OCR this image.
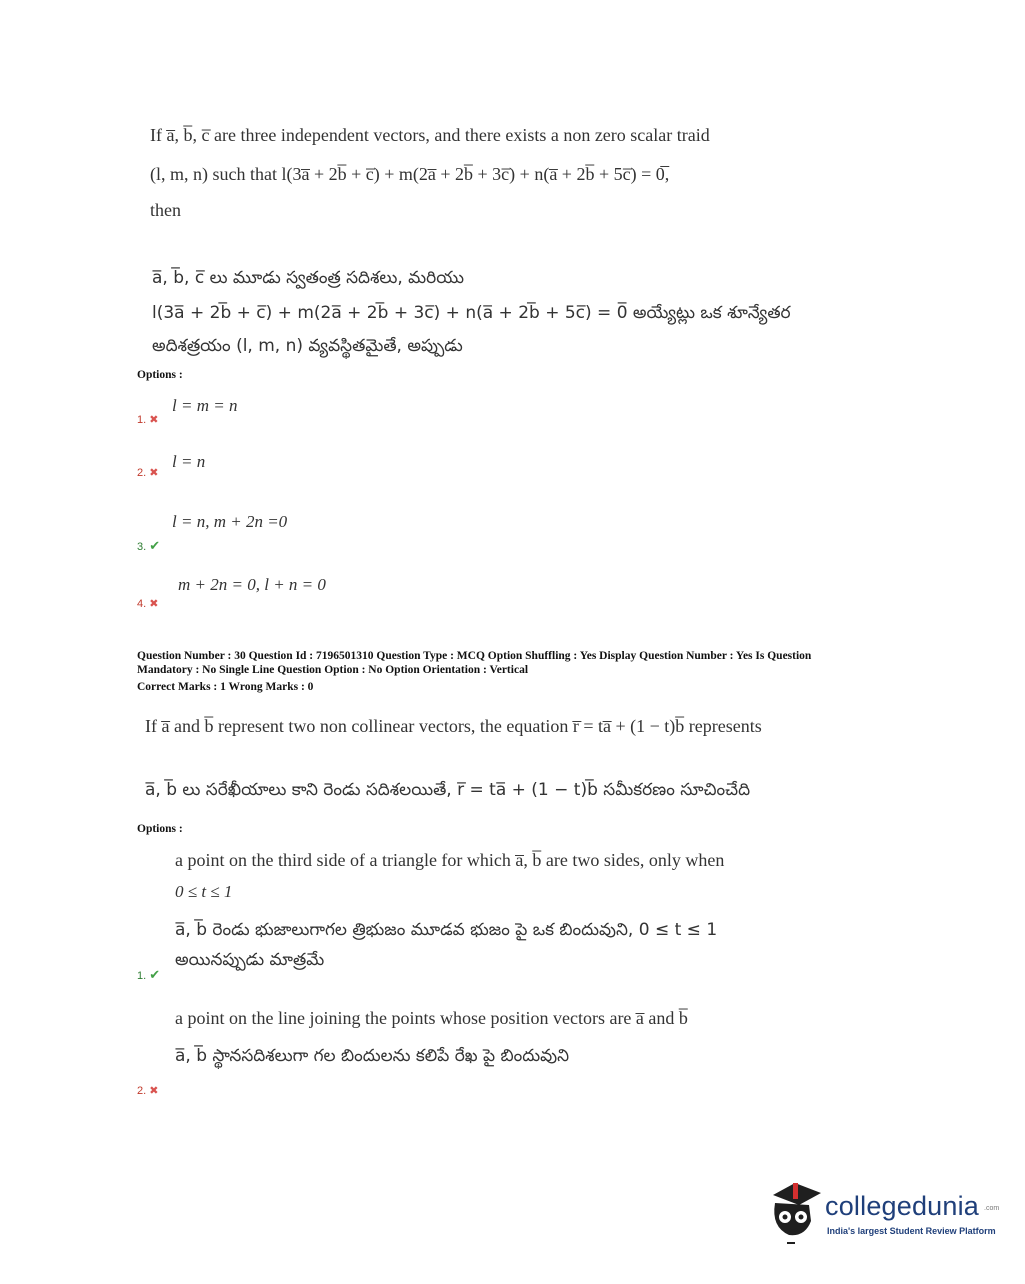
If a̅, b̅, c̅ are three independent vectors, and there exists a non zero scalar traid
(l, m, n) such that l(3a̅ + 2b̅ + c̅) + m(2a̅ + 2b̅ + 3c̅) + n(a̅ + 2b̅ + 5c̅) = 0̅,
then
a̅, b̅, c̅ లు మూడు స్వతంత్ర సదిశలు, మరియు
l(3a̅ + 2b̅ + c̅) + m(2a̅ + 2b̅ + 3c̅) + n(a̅ + 2b̅ + 5c̅) = 0̅ అయ్యేట్లు ఒక శూన్యేతర
అదిశత్రయం (l, m, n) వ్యవస్థితమైతే, అప్పుడు
Options :
l = m = n
1. ✖
l = n
2. ✖
l = n, m + 2n =0
3. ✔
m + 2n = 0, l + n = 0
4. ✖
Question Number : 30 Question Id : 7196501310 Question Type : MCQ Option Shuffling : Yes Display Question Number : Yes Is Question
Mandatory : No Single Line Question Option : No Option Orientation : Vertical
Correct Marks : 1 Wrong Marks : 0
If a̅ and b̅ represent two non collinear vectors, the equation r̅ = ta̅ + (1 − t)b̅ represents
a̅, b̅ లు సరేఖీయాలు కాని రెండు సదిశలయితే, r̅ = ta̅ + (1 − t)b̅ సమీకరణం సూచించేది
Options :
a point on the third side of a triangle for which a̅, b̅ are two sides, only when
0 ≤ t ≤ 1
a̅, b̅ రెండు భుజాలుగాగల త్రిభుజం మూడవ భుజం పై ఒక బిందువుని, 0 ≤ t ≤ 1
అయినప్పుడు మాత్రమే
1. ✔
a point on the line joining the points whose position vectors are a̅ and b̅
a̅, b̅ స్థానసదిశలుగా గల బిందులను కలిపే రేఖ పై బిందువుని
2. ✖
collegedunia .com
India's largest Student Review Platform
